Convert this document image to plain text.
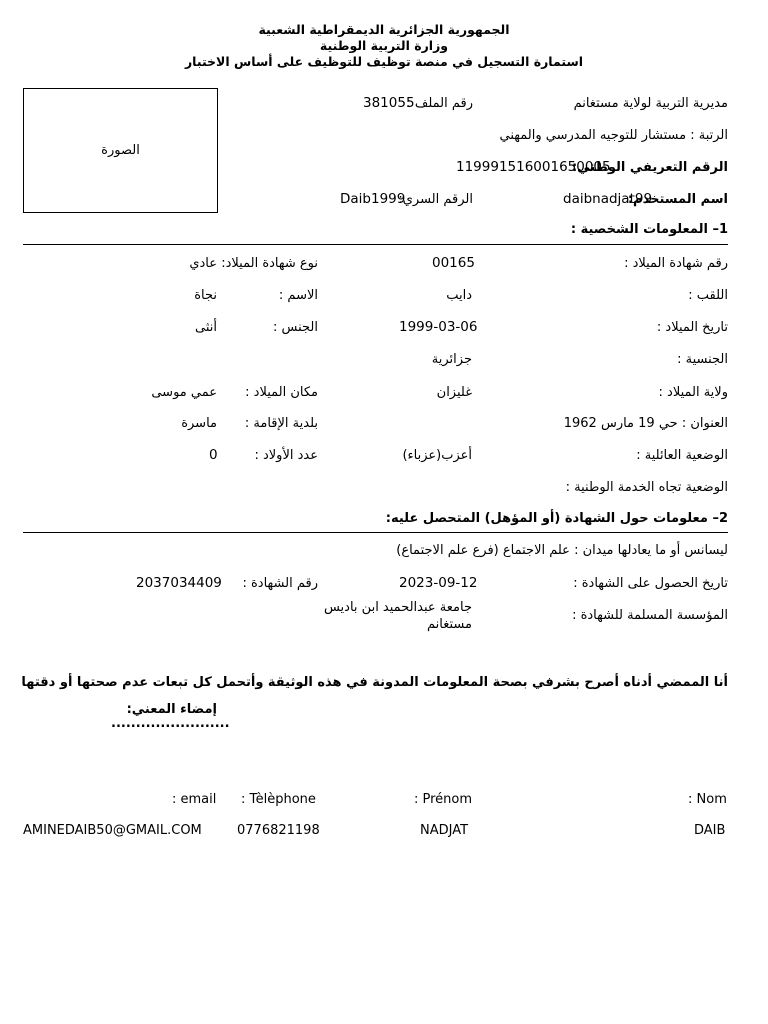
الجمهورية الجزائرية الديمقراطية الشعبية
وزارة التربية الوطنية
استمارة التسجيل في منصة توظيف للتوظيف على أساس الاختبار
الصورة
مديرية التربية لولاية مستغانم
رقم الملف :
381055
الرتبة : مستشار للتوجيه المدرسي والمهني
الرقم التعريفي الوطني:
119991516001650005
اسم المستخدم:
daibnadjat99
الرقم السري:
Daib1999
1– المعلومات الشخصية :
رقم شهادة الميلاد :
00165
نوع شهادة الميلاد:
عادي
اللقب :
دايب
الاسم :
نجاة
تاريخ الميلاد :
1999-03-06
الجنس :
أنثى
الجنسية :
جزائرية
ولاية الميلاد :
غليزان
مكان الميلاد :
عمي موسى
العنوان : حي 19 مارس 1962
بلدية الإقامة :
ماسرة
الوضعية العائلية :
أعزب(عزباء)
عدد الأولاد :
0
الوضعية تجاه الخدمة الوطنية :
2– معلومات حول الشهادة (أو المؤهل) المتحصل عليه:
ليسانس أو ما يعادلها ميدان : علم الاجتماع (فرع علم الاجتماع)
تاريخ الحصول على الشهادة :
2023-09-12
رقم الشهادة :
2037034409
المؤسسة المسلمة للشهادة :
جامعة عبدالحميد ابن باديس
مستغانم
أنا الممضي أدناه أصرح بشرفي بصحة المعلومات المدونة في هذه الوثيقة وأتحمل كل تبعات عدم صحتها أو دقتها
إمضاء المعني:
........................
: Nom
: Prénom
: Tèlèphone
: email
DAIB
NADJAT
0776821198
AMINEDAIB50@GMAIL.COM
